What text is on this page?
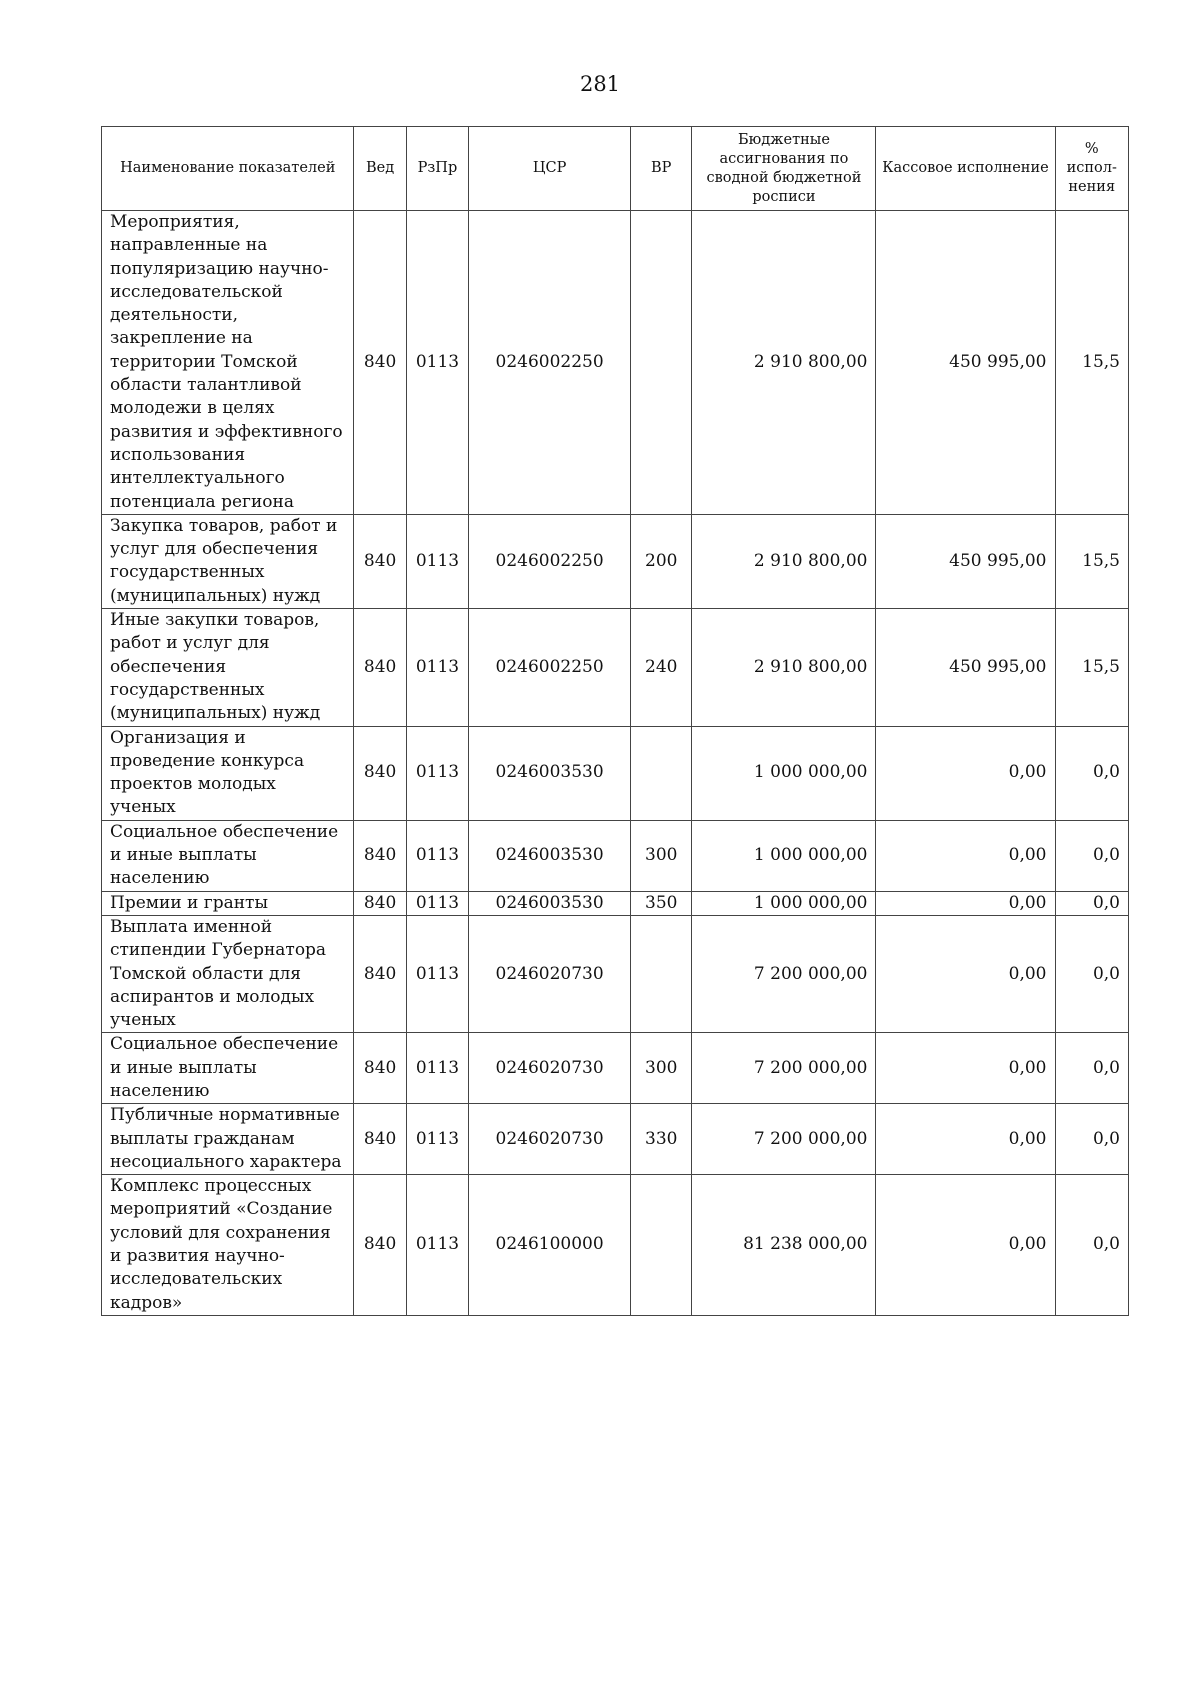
281
Наименование показателей	Вед	РзПр	ЦСР	ВР	Бюджетные ассигнования по сводной бюджетной росписи	Кассовое исполнение	% испол-нения
Мероприятия, направленные на популяризацию научно-исследовательской деятельности, закрепление на территории Томской области талантливой молодежи в целях развития и эффективного использования интеллектуального потенциала региона	840	0113	0246002250		2 910 800,00	450 995,00	15,5
Закупка товаров, работ и услуг для обеспечения государственных (муниципальных) нужд	840	0113	0246002250	200	2 910 800,00	450 995,00	15,5
Иные закупки товаров, работ и услуг для обеспечения государственных (муниципальных) нужд	840	0113	0246002250	240	2 910 800,00	450 995,00	15,5
Организация и проведение конкурса проектов молодых ученых	840	0113	0246003530		1 000 000,00	0,00	0,0
Социальное обеспечение и иные выплаты населению	840	0113	0246003530	300	1 000 000,00	0,00	0,0
Премии и гранты	840	0113	0246003530	350	1 000 000,00	0,00	0,0
Выплата именной стипендии Губернатора Томской области для аспирантов и молодых ученых	840	0113	0246020730		7 200 000,00	0,00	0,0
Социальное обеспечение и иные выплаты населению	840	0113	0246020730	300	7 200 000,00	0,00	0,0
Публичные нормативные выплаты гражданам несоциального характера	840	0113	0246020730	330	7 200 000,00	0,00	0,0
Комплекс процессных мероприятий «Создание условий для сохранения и развития научно-исследовательских кадров»	840	0113	0246100000		81 238 000,00	0,00	0,0
